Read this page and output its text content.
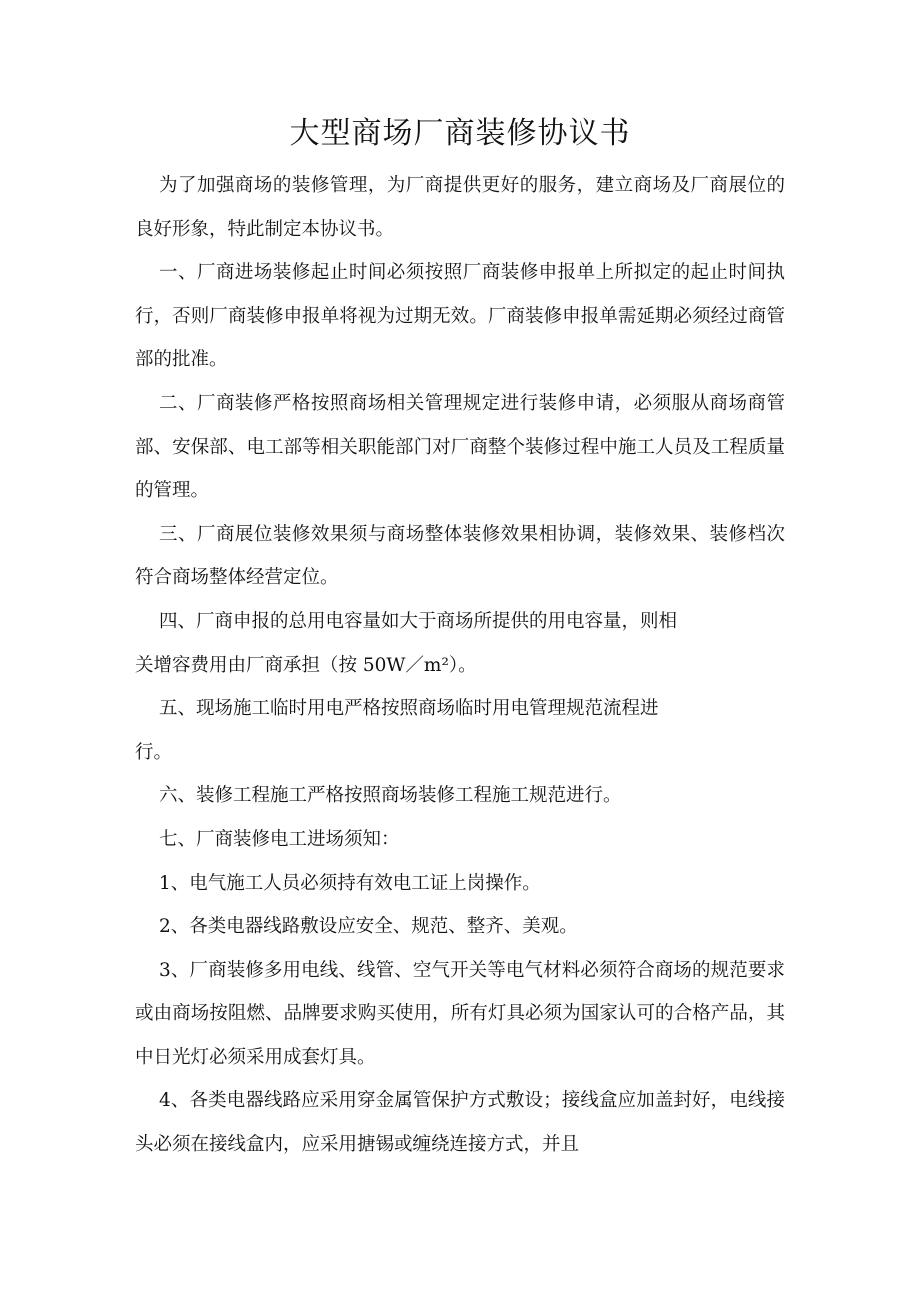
大型商场厂商装修协议书

为了加强商场的装修管理，为厂商提供更好的服务，建立商场及厂商展位的良好形象，特此制定本协议书。

一、厂商进场装修起止时间必须按照厂商装修申报单上所拟定的起止时间执行，否则厂商装修申报单将视为过期无效。厂商装修申报单需延期必须经过商管部的批准。

二、厂商装修严格按照商场相关管理规定进行装修申请，必须服从商场商管部、安保部、电工部等相关职能部门对厂商整个装修过程中施工人员及工程质量的管理。

三、厂商展位装修效果须与商场整体装修效果相协调，装修效果、装修档次符合商场整体经营定位。

四、厂商申报的总用电容量如大于商场所提供的用电容量，则相

关增容费用由厂商承担（按 50W／m²）。

五、现场施工临时用电严格按照商场临时用电管理规范流程进

行。

六、装修工程施工严格按照商场装修工程施工规范进行。

七、厂商装修电工进场须知：

1、电气施工人员必须持有效电工证上岗操作。

2、各类电器线路敷设应安全、规范、整齐、美观。

3、厂商装修多用电线、线管、空气开关等电气材料必须符合商场的规范要求或由商场按阻燃、品牌要求购买使用，所有灯具必须为国家认可的合格产品，其中日光灯必须采用成套灯具。

4、各类电器线路应采用穿金属管保护方式敷设；接线盒应加盖封好，电线接头必须在接线盒内，应采用搪锡或缠绕连接方式，并且
